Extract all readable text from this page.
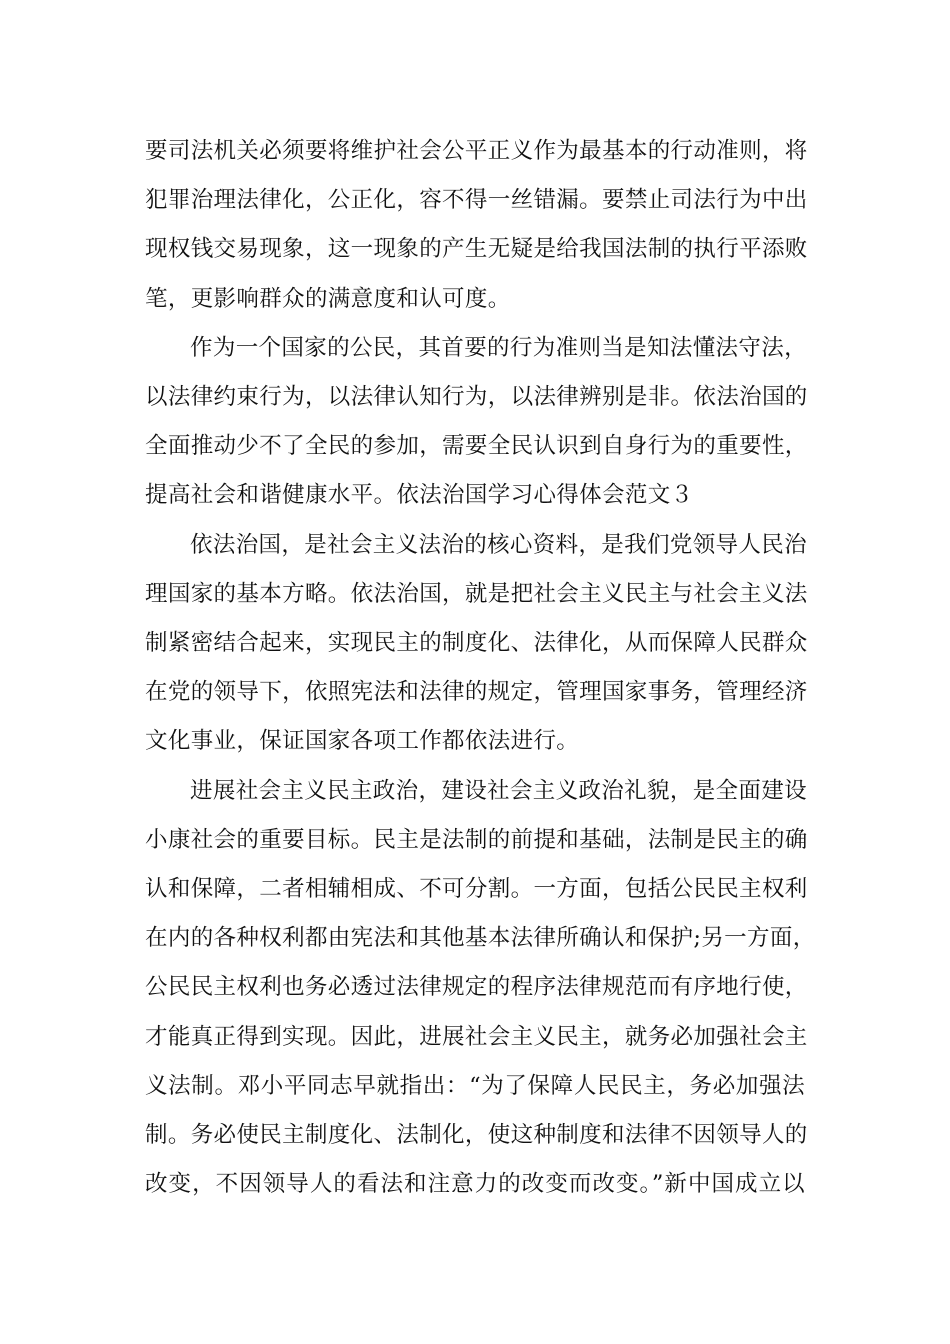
要司法机关必须要将维护社会公平正义作为最基本的行动准则，将
犯罪治理法律化，公正化，容不得一丝错漏。要禁止司法行为中出
现权钱交易现象，这一现象的产生无疑是给我国法制的执行平添败
笔，更影响群众的满意度和认可度。

作为一个国家的公民，其首要的行为准则当是知法懂法守法，
以法律约束行为，以法律认知行为，以法律辨别是非。依法治国的
全面推动少不了全民的参加，需要全民认识到自身行为的重要性，
提高社会和谐健康水平。依法治国学习心得体会范文３

依法治国，是社会主义法治的核心资料，是我们党领导人民治
理国家的基本方略。依法治国，就是把社会主义民主与社会主义法
制紧密结合起来，实现民主的制度化、法律化，从而保障人民群众
在党的领导下，依照宪法和法律的规定，管理国家事务，管理经济
文化事业，保证国家各项工作都依法进行。

进展社会主义民主政治，建设社会主义政治礼貌，是全面建设
小康社会的重要目标。民主是法制的前提和基础，法制是民主的确
认和保障，二者相辅相成、不可分割。一方面，包括公民民主权利
在内的各种权利都由宪法和其他基本法律所确认和保护;另一方面，
公民民主权利也务必透过法律规定的程序法律规范而有序地行使，
才能真正得到实现。因此，进展社会主义民主，就务必加强社会主
义法制。邓小平同志早就指出：“为了保障人民民主，务必加强法
制。务必使民主制度化、法制化，使这种制度和法律不因领导人的
改变，不因领导人的看法和注意力的改变而改变。”新中国成立以
